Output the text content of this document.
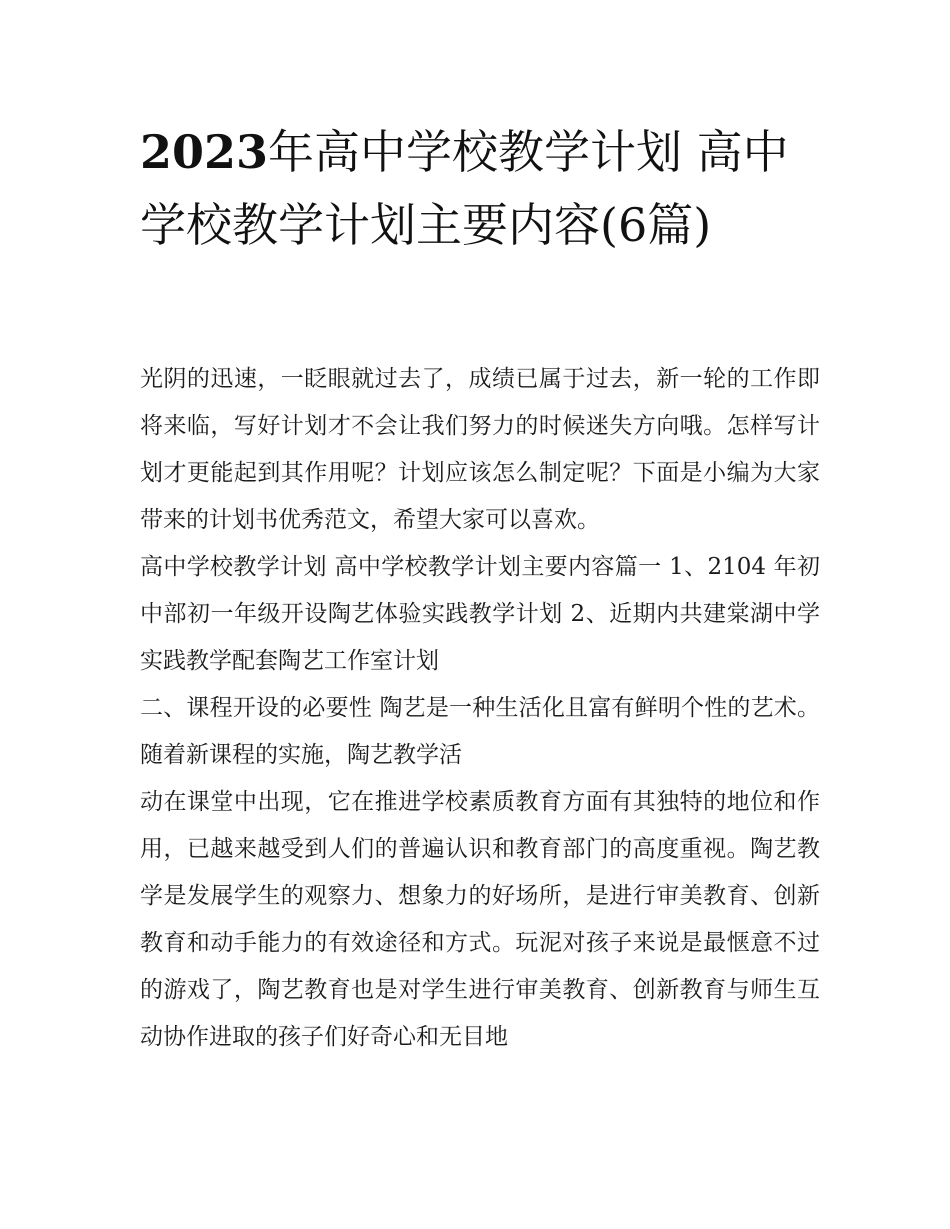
2023年高中学校教学计划 高中学校教学计划主要内容(6篇)

光阴的迅速，一眨眼就过去了，成绩已属于过去，新一轮的工作即将来临，写好计划才不会让我们努力的时候迷失方向哦。怎样写计划才更能起到其作用呢？计划应该怎么制定呢？下面是小编为大家带来的计划书优秀范文，希望大家可以喜欢。

高中学校教学计划 高中学校教学计划主要内容篇一 1、2104 年初中部初一年级开设陶艺体验实践教学计划 2、近期内共建棠湖中学实践教学配套陶艺工作室计划

二、课程开设的必要性 陶艺是一种生活化且富有鲜明个性的艺术。随着新课程的实施，陶艺教学活

动在课堂中出现，它在推进学校素质教育方面有其独特的地位和作用，已越来越受到人们的普遍认识和教育部门的高度重视。陶艺教学是发展学生的观察力、想象力的好场所，是进行审美教育、创新教育和动手能力的有效途径和方式。玩泥对孩子来说是最惬意不过的游戏了，陶艺教育也是对学生进行审美教育、创新教育与师生互动协作进取的孩子们好奇心和无目地
